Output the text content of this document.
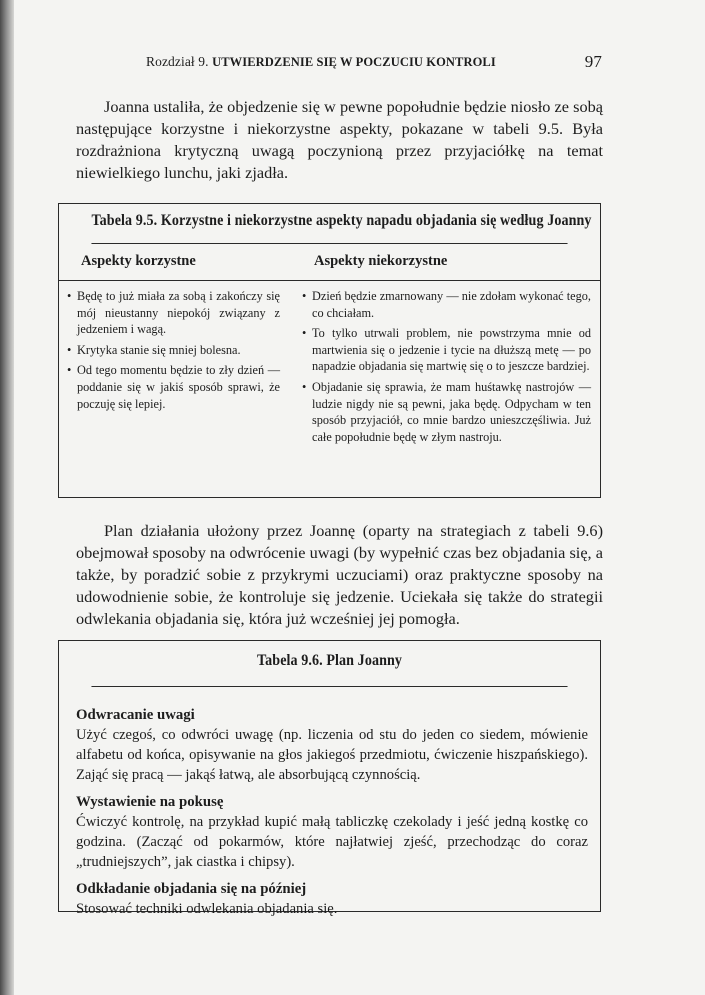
Rozdział 9. UTWIERDZENIE SIĘ W POCZUCIU KONTROLI	97

Joanna ustaliła, że objedzenie się w pewne popołudnie będzie niosło ze sobą następujące korzystne i niekorzystne aspekty, pokazane w tabeli 9.5. Była rozdrażniona krytyczną uwagą poczynioną przez przyjaciółkę na temat niewielkiego lunchu, jaki zjadła.

Tabela 9.5. Korzystne i niekorzystne aspekty napadu objadania się według Joanny
Aspekty korzystne	Aspekty niekorzystne
• Będę to już miała za sobą i zakończy się mój nieustanny niepokój związany z jedzeniem i wagą.
• Krytyka stanie się mniej bolesna.
• Od tego momentu będzie to zły dzień — poddanie się w jakiś sposób sprawi, że poczuję się lepiej.
• Dzień będzie zmarnowany — nie zdołam wykonać tego, co chciałam.
• To tylko utrwali problem, nie powstrzyma mnie od martwienia się o jedzenie i tycie na dłuższą metę — po napadzie objadania się martwię się o to jeszcze bardziej.
• Objadanie się sprawia, że mam huśtawkę nastrojów — ludzie nigdy nie są pewni, jaka będę. Odpycham w ten sposób przyjaciół, co mnie bardzo unieszczęśliwia. Już całe popołudnie będę w złym nastroju.

Plan działania ułożony przez Joannę (oparty na strategiach z tabeli 9.6) obejmował sposoby na odwrócenie uwagi (by wypełnić czas bez objadania się, a także, by poradzić sobie z przykrymi uczuciami) oraz praktyczne sposoby na udowodnienie sobie, że kontroluje się jedzenie. Uciekała się także do strategii odwlekania objadania się, która już wcześniej jej pomogła.

Tabela 9.6. Plan Joanny
Odwracanie uwagi
Użyć czegoś, co odwróci uwagę (np. liczenia od stu do jeden co siedem, mówienie alfabetu od końca, opisywanie na głos jakiegoś przedmiotu, ćwiczenie hiszpańskiego). Zająć się pracą — jakąś łatwą, ale absorbującą czynnością.
Wystawienie na pokusę
Ćwiczyć kontrolę, na przykład kupić małą tabliczkę czekolady i jeść jedną kostkę co godzina. (Zacząć od pokarmów, które najłatwiej zjeść, przechodząc do coraz „trudniejszych”, jak ciastka i chipsy).
Odkładanie objadania się na później
Stosować techniki odwlekania objadania się.
